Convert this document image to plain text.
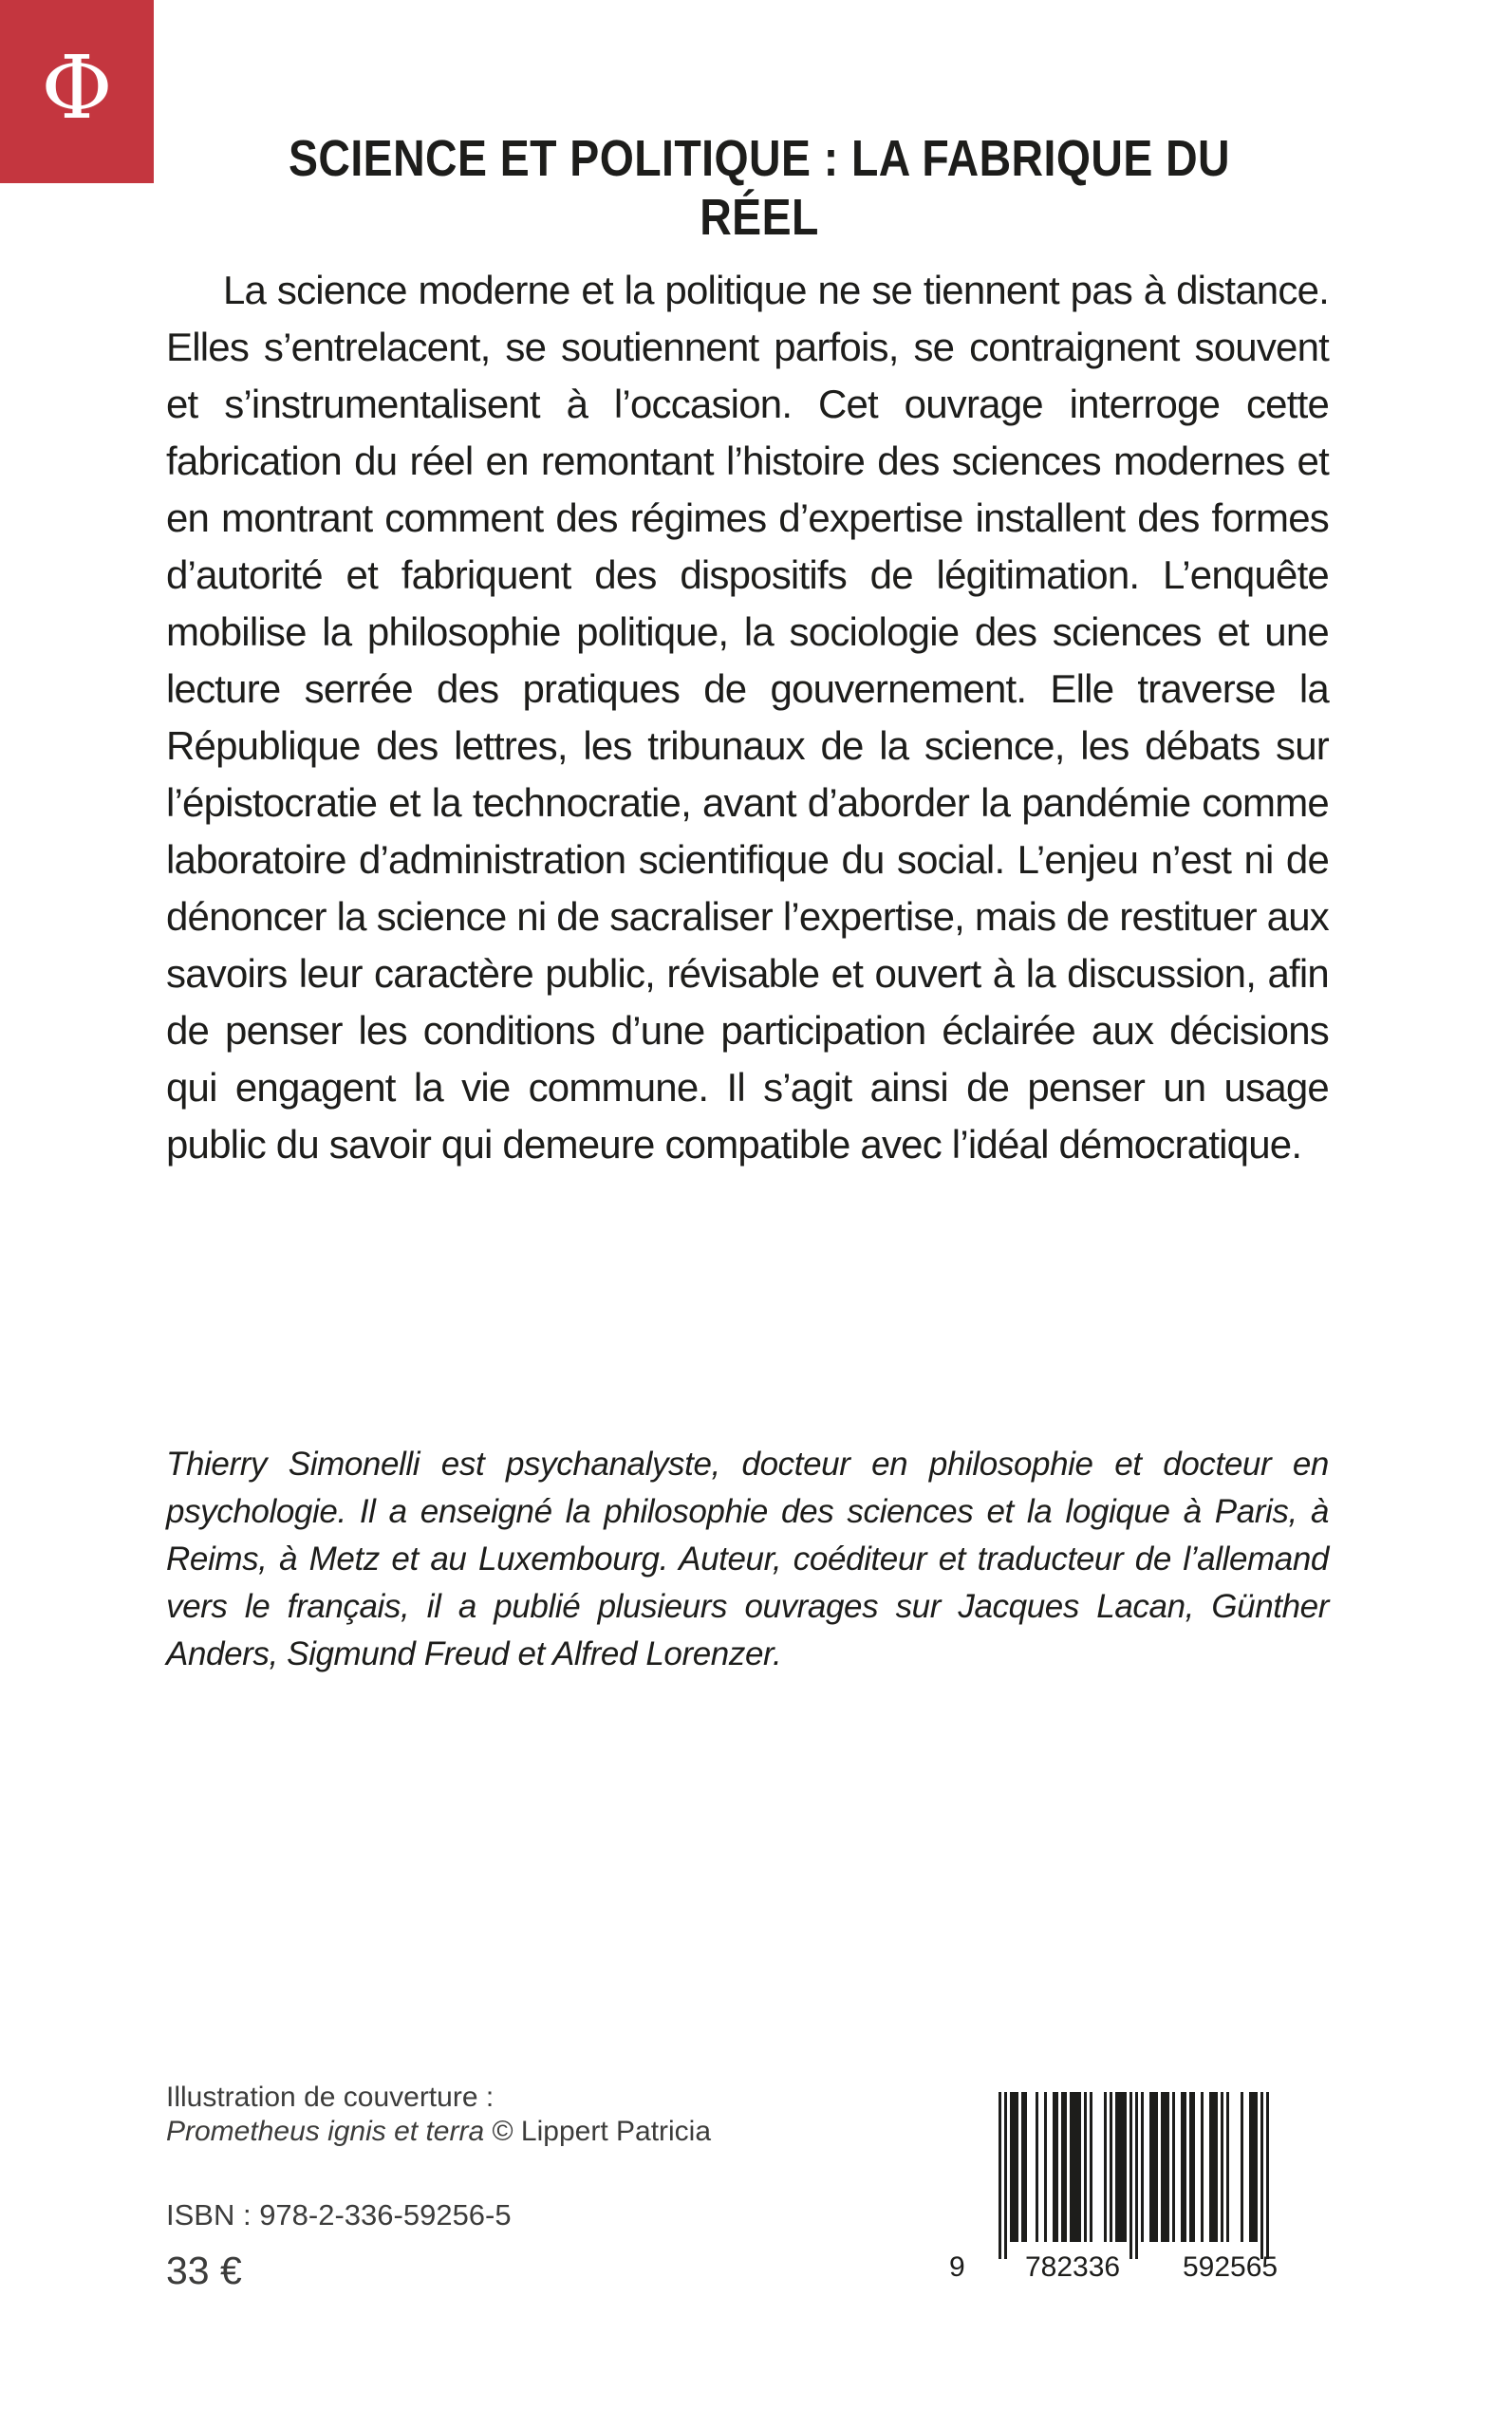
Φ
SCIENCE ET POLITIQUE : LA FABRIQUE DU RÉEL

La science moderne et la politique ne se tiennent pas à distance. Elles s’entrelacent, se soutiennent parfois, se contraignent souvent et s’instrumentalisent à l’occasion. Cet ouvrage interroge cette fabrication du réel en remontant l’histoire des sciences modernes et en montrant comment des régimes d’expertise installent des formes d’autorité et fabriquent des dispositifs de légitimation. L’enquête mobilise la philosophie politique, la sociologie des sciences et une lecture serrée des pratiques de gouvernement. Elle traverse la République des lettres, les tribunaux de la science, les débats sur l’épistocratie et la technocratie, avant d’aborder la pandémie comme laboratoire d’administration scientifique du social. L’enjeu n’est ni de dénoncer la science ni de sacraliser l’expertise, mais de restituer aux savoirs leur caractère public, révisable et ouvert à la discussion, afin de penser les conditions d’une participation éclairée aux décisions qui engagent la vie commune. Il s’agit ainsi de penser un usage public du savoir qui demeure compatible avec l’idéal démocratique.

Thierry Simonelli est psychanalyste, docteur en philosophie et docteur en psychologie. Il a enseigné la philosophie des sciences et la logique à Paris, à Reims, à Metz et au Luxembourg. Auteur, coéditeur et traducteur de l’allemand vers le français, il a publié plusieurs ouvrages sur Jacques Lacan, Günther Anders, Sigmund Freud et Alfred Lorenzer.

Illustration de couverture :
Prometheus ignis et terra © Lippert Patricia
ISBN : 978-2-336-59256-5
33 €	9 782336 592565
